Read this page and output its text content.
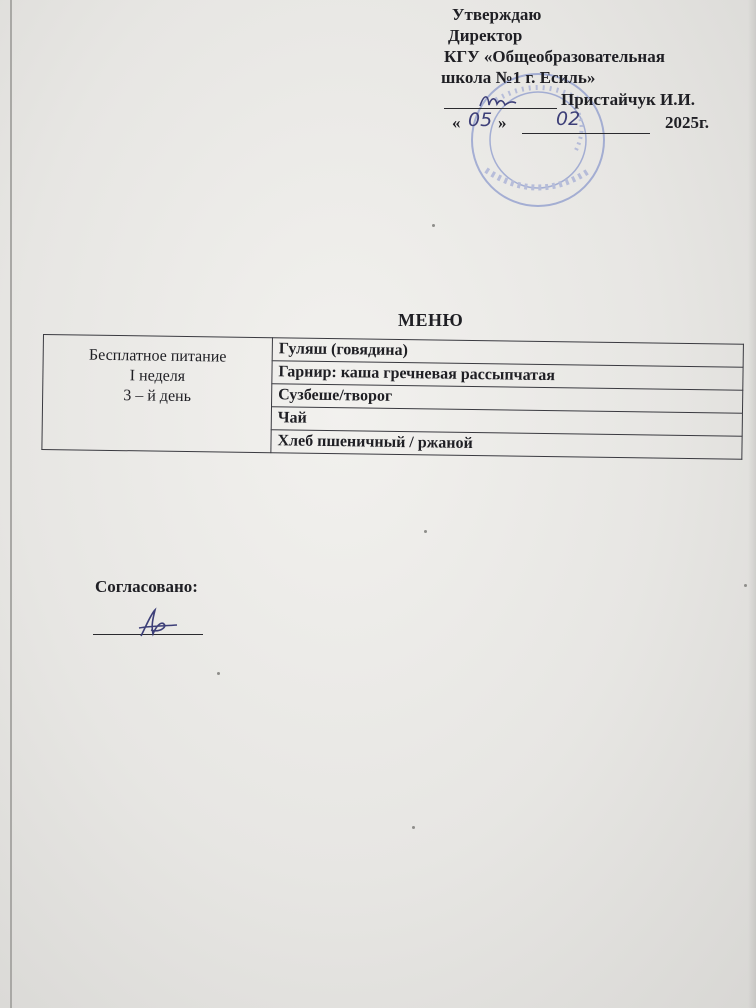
Утверждаю
Директор
КГУ «Общеобразовательная
школа №1 г. Есиль»
Пристайчук И.И.
« 05 »	02	2025г.
МЕНЮ
Бесплатное питание
I неделя
3 – й день
	Гуляш (говядина)
Гарнир: каша гречневая рассыпчатая
Сузбеше/творог
Чай
Хлеб пшеничный / ржаной
Согласовано:
